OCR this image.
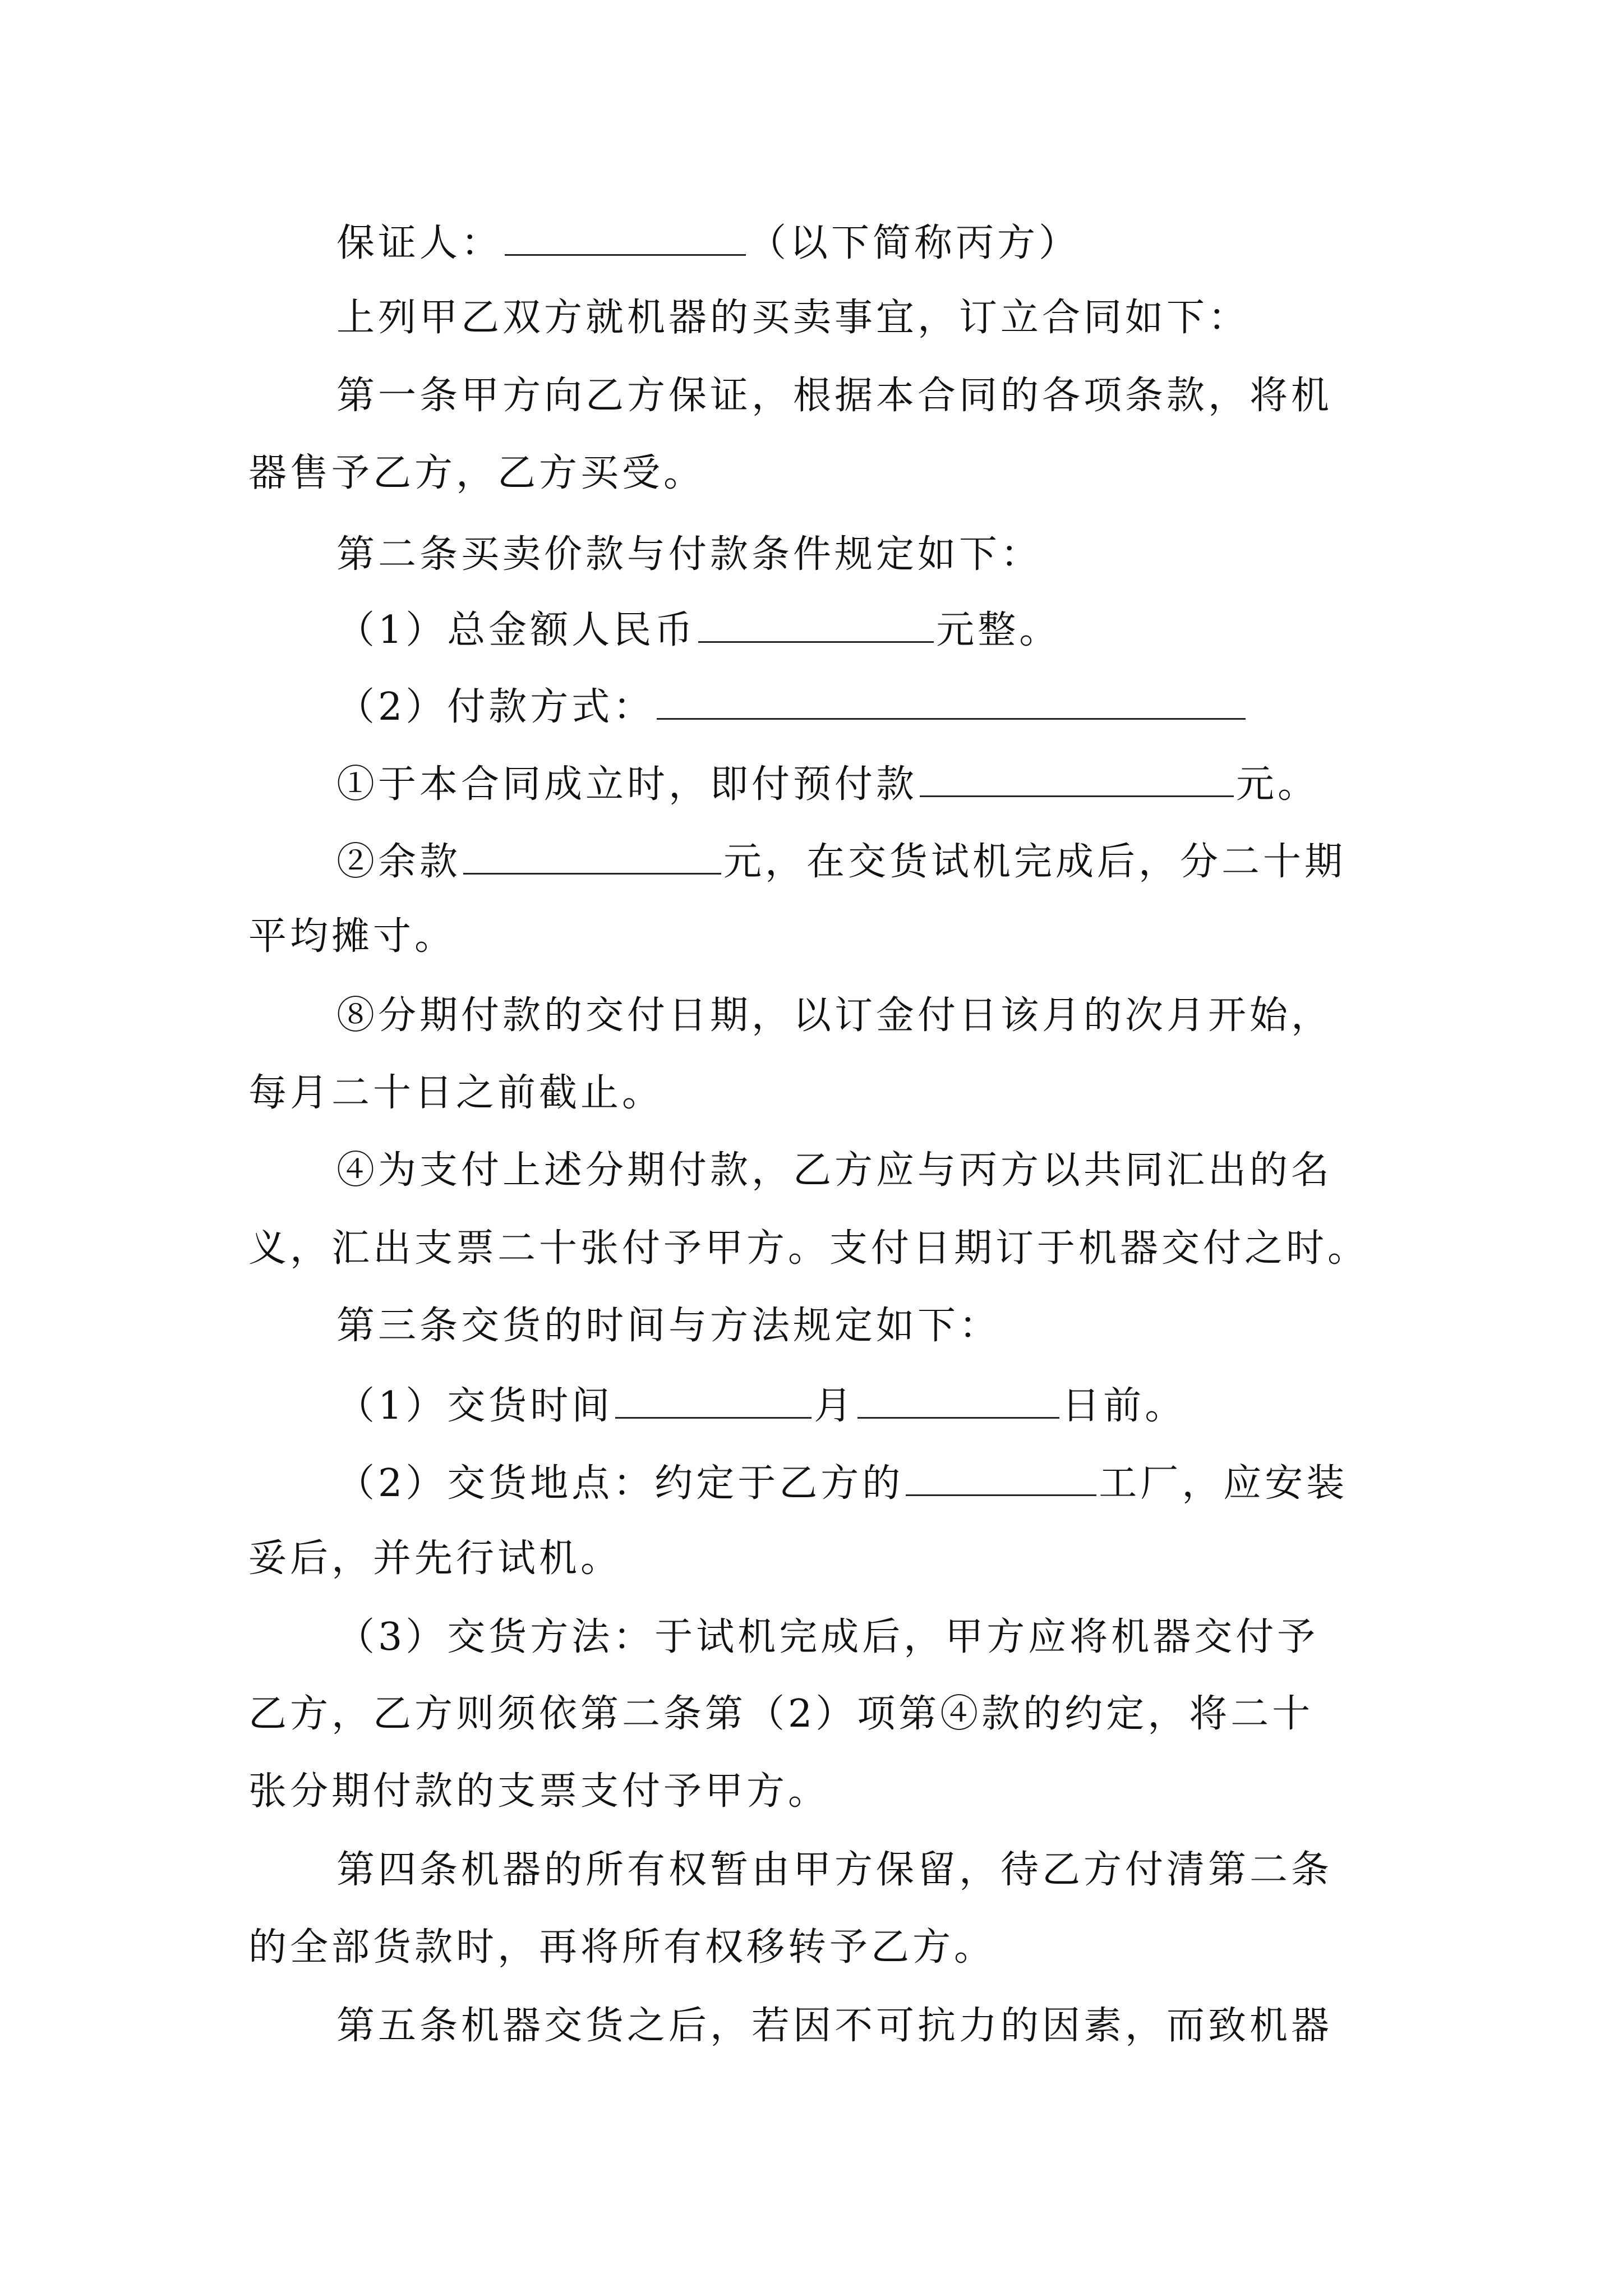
保证人：	（以下简称丙方）
上列甲乙双方就机器的买卖事宜，订立合同如下：
第一条甲方向乙方保证，根据本合同的各项条款，将机
器售予乙方，乙方买受。
第二条买卖价款与付款条件规定如下：
（1）总金额人民币	元整。
（2）付款方式：
①于本合同成立时，即付预付款	元。
②余款	元，在交货试机完成后，分二十期
平均摊寸。
⑧分期付款的交付日期，以订金付日该月的次月开始，
每月二十日之前截止。
④为支付上述分期付款，乙方应与丙方以共同汇出的名
义，汇出支票二十张付予甲方。支付日期订于机器交付之时。
第三条交货的时间与方法规定如下：
（1）交货时间	月	日前。
（2）交货地点：约定于乙方的	工厂，应安装
妥后，并先行试机。
（3）交货方法：于试机完成后，甲方应将机器交付予
乙方，乙方则须依第二条第（2）项第④款的约定，将二十
张分期付款的支票支付予甲方。
第四条机器的所有权暂由甲方保留，待乙方付清第二条
的全部货款时，再将所有权移转予乙方。
第五条机器交货之后，若因不可抗力的因素，而致机器
